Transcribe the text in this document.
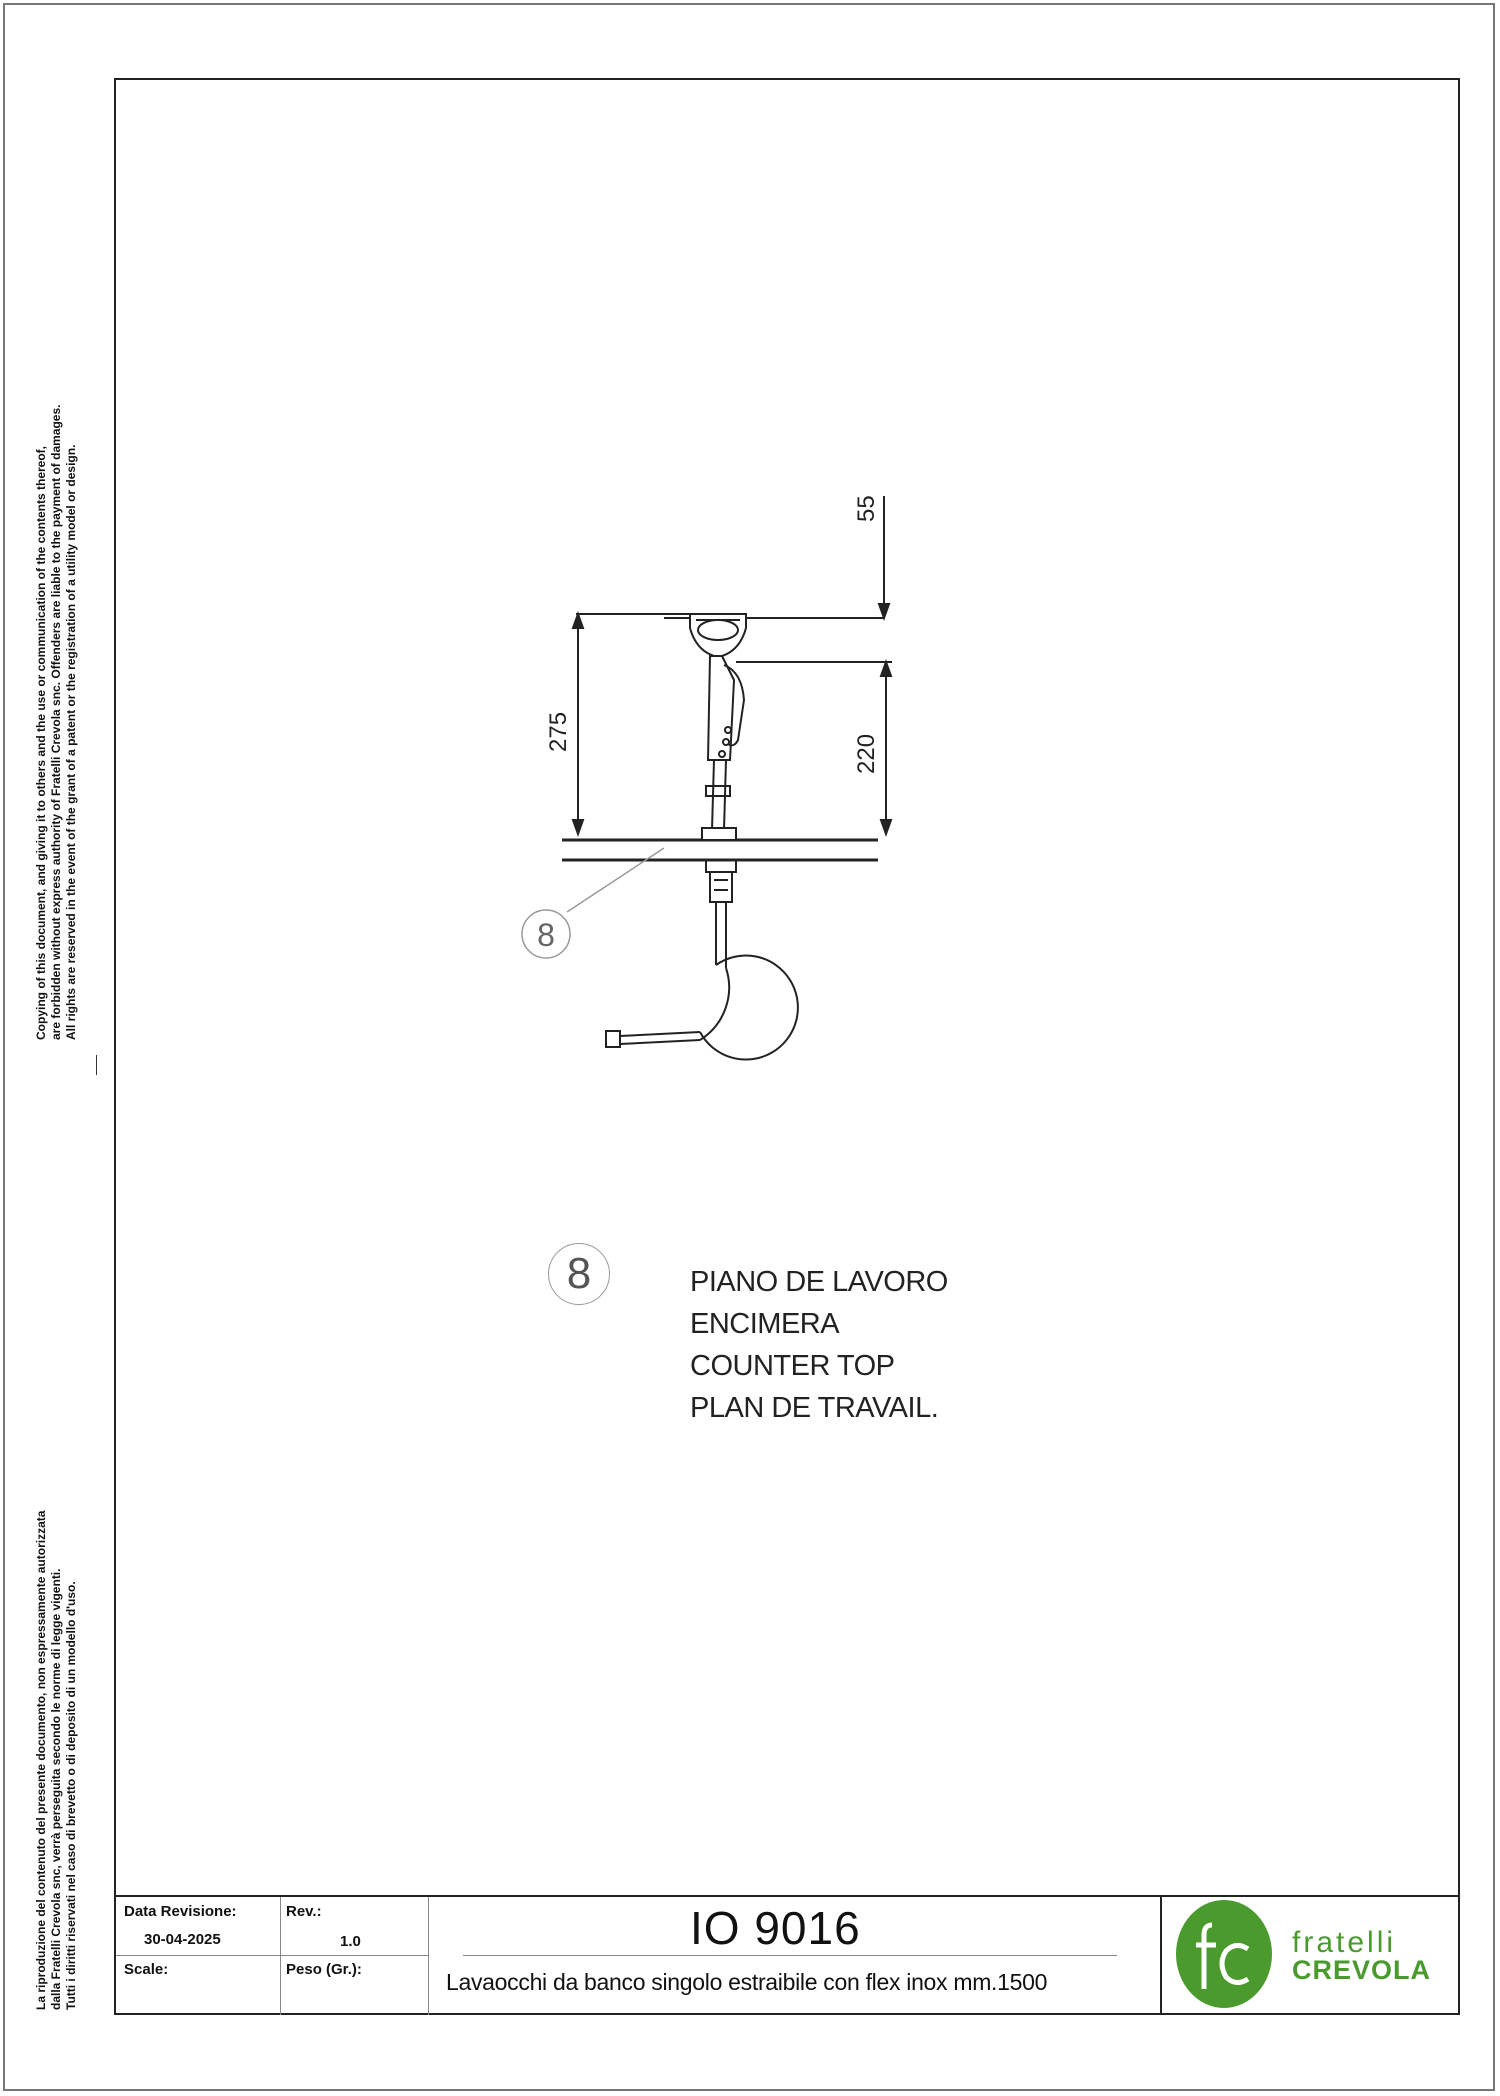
Copying of this document, and giving it to others and the use or communication of the contents thereof, are forbidden without express authority of Fratelli Crevola snc. Offenders are liable to the payment of damages. All rights are reserved in the event of the grant of a patent or the registration of a utility model or design.
La riproduzione del contenuto del presente documento, non espressamente autorizzata dalla Fratelli Crevola snc, verrà perseguita secondo le norme di legge vigenti. Tutti i diritti riservati nel caso di brevetto o di deposito di un modello d'uso.
55
275
220
8
8	PIANO DE LAVORO
ENCIMERA
COUNTER TOP
PLAN DE TRAVAIL.
Data Revisione:
30-04-2025
Rev.:
1.0
Scale:	Peso (Gr.):
IO 9016
Lavaocchi da banco singolo estraibile con flex inox mm.1500
fratelli
CREVOLA
